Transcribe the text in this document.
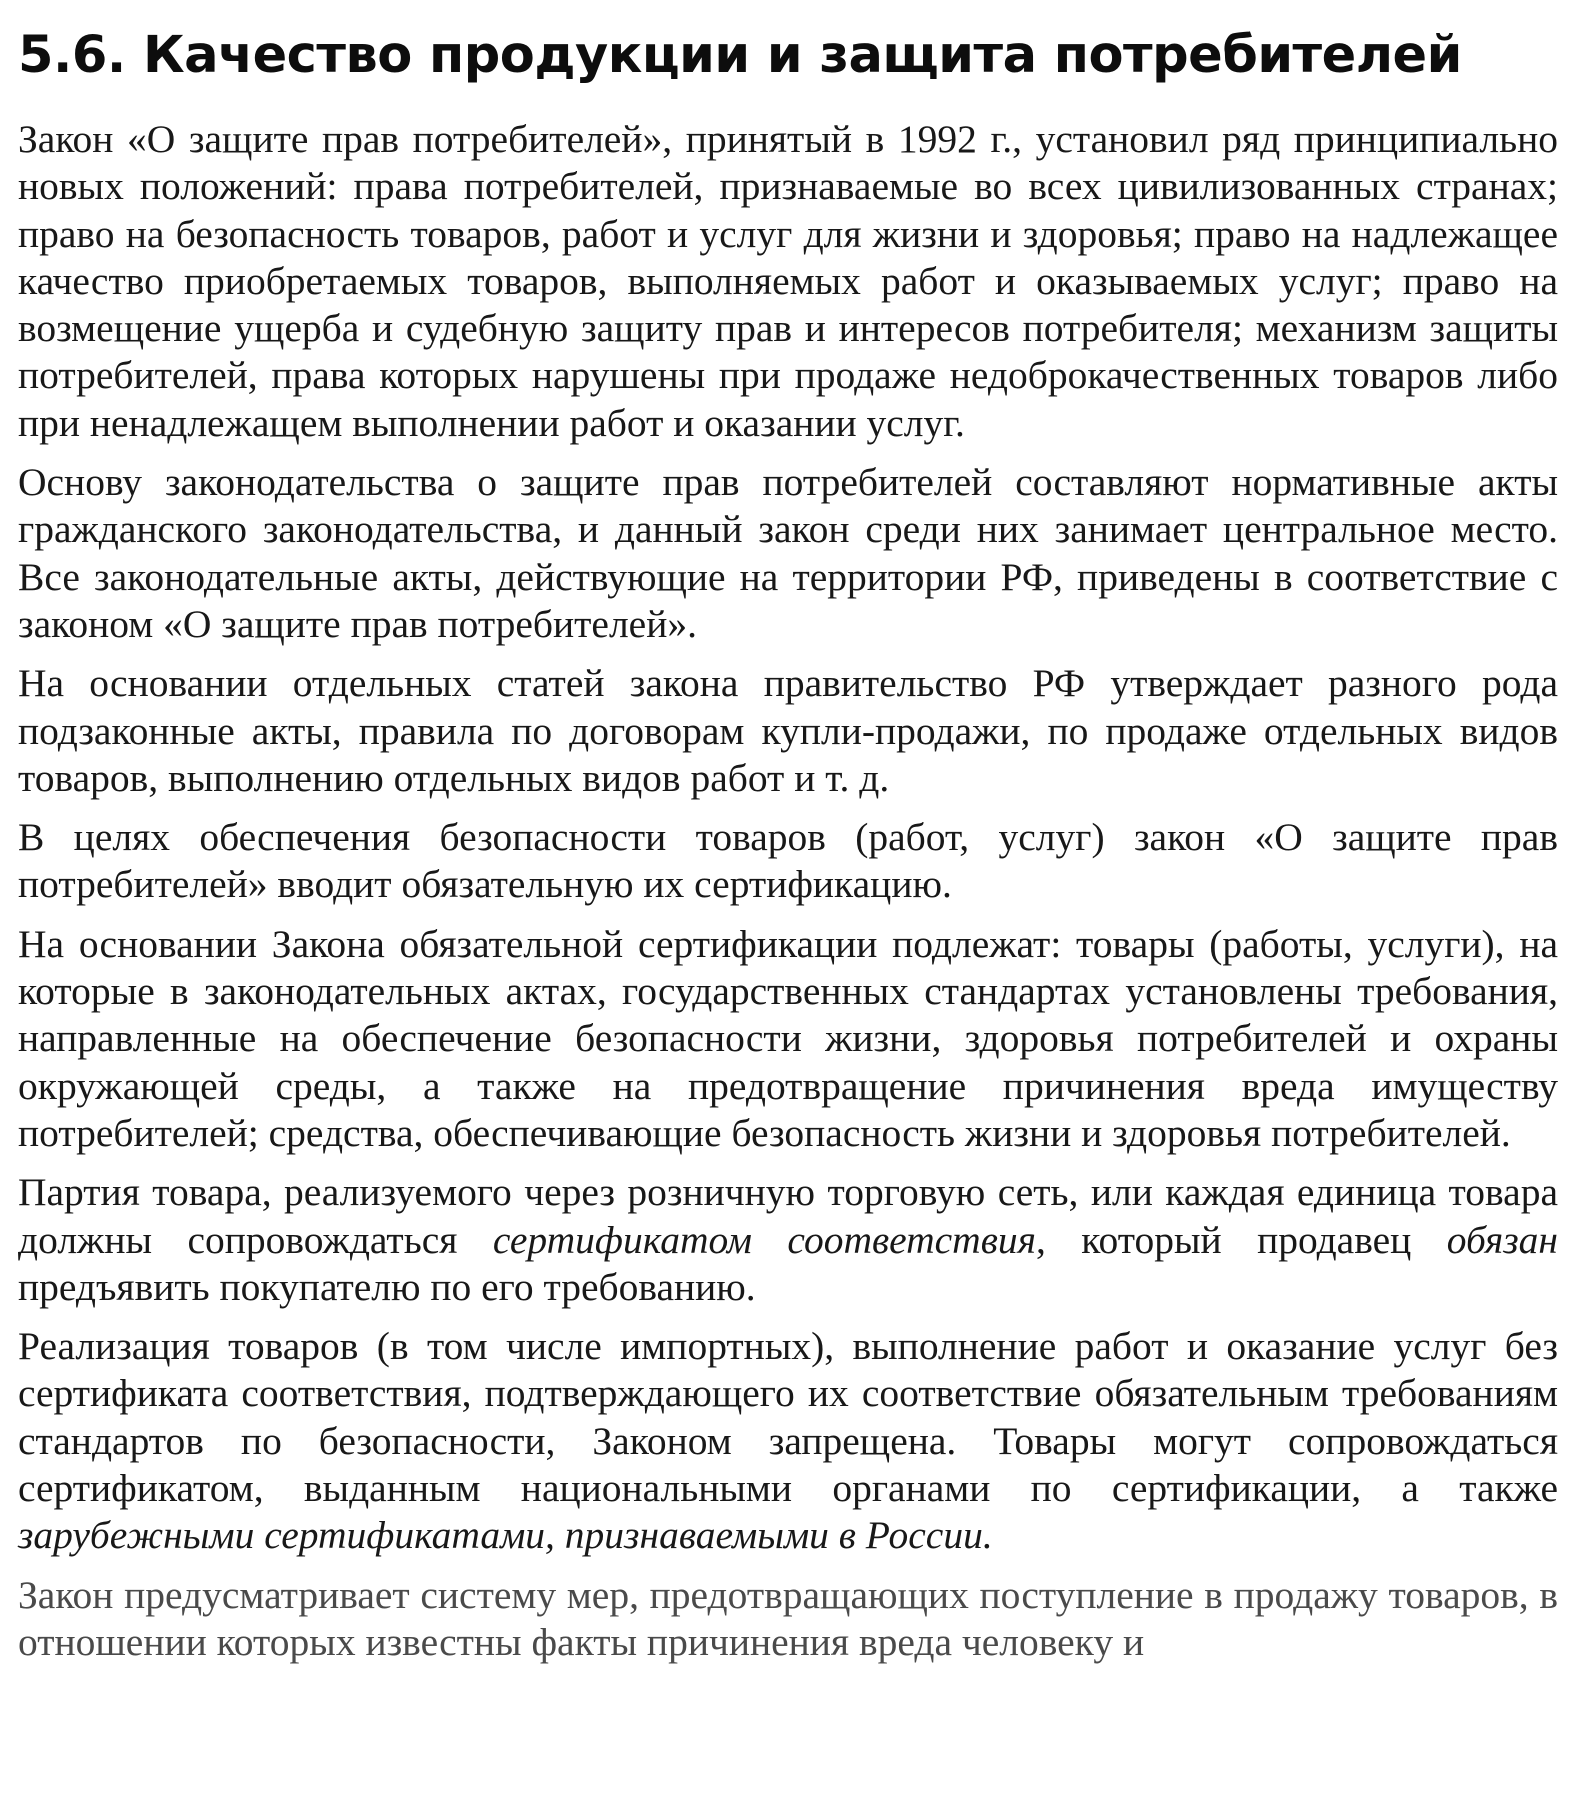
5.6. Качество продукции и защита потребителей

Закон «О защите прав потребителей», принятый в 1992 г., установил ряд принципиально новых положений: права потребителей, признаваемые во всех цивилизованных странах; право на безопасность товаров, работ и услуг для жизни и здоровья; право на надлежащее качество приобретаемых товаров, выполняемых работ и оказываемых услуг; право на возмещение ущерба и судебную защиту прав и интересов потребителя; механизм защиты потребителей, права которых нарушены при продаже недоброкачественных товаров либо при ненадлежащем выполнении работ и оказании услуг.

Основу законодательства о защите прав потребителей составляют нормативные акты гражданского законодательства, и данный закон среди них занимает центральное место. Все законодательные акты, действующие на территории РФ, приведены в соответствие с законом «О защите прав потребителей».

На основании отдельных статей закона правительство РФ утверждает разного рода подзаконные акты, правила по договорам купли-продажи, по продаже отдельных видов товаров, выполнению отдельных видов работ и т. д.

В целях обеспечения безопасности товаров (работ, услуг) закон «О защите прав потребителей» вводит обязательную их сертификацию.

На основании Закона обязательной сертификации подлежат: товары (работы, услуги), на которые в законодательных актах, государственных стандартах установлены требования, направленные на обеспечение безопасности жизни, здоровья потребителей и охраны окружающей среды, а также на предотвращение причинения вреда имуществу потребителей; средства, обеспечивающие безопасность жизни и здоровья потребителей.

Партия товара, реализуемого через розничную торговую сеть, или каждая единица товара должны сопровождаться сертификатом соответствия, который продавец обязан предъявить покупателю по его требованию.

Реализация товаров (в том числе импортных), выполнение работ и оказание услуг без сертификата соответствия, подтверждающего их соответствие обязательным требованиям стандартов по безопасности, Законом запрещена. Товары могут сопровождаться сертификатом, выданным национальными органами по сертификации, а также зарубежными сертификатами, признаваемыми в России.

Закон предусматривает систему мер, предотвращающих поступление в продажу товаров, в отношении которых известны факты причинения вреда человеку и
